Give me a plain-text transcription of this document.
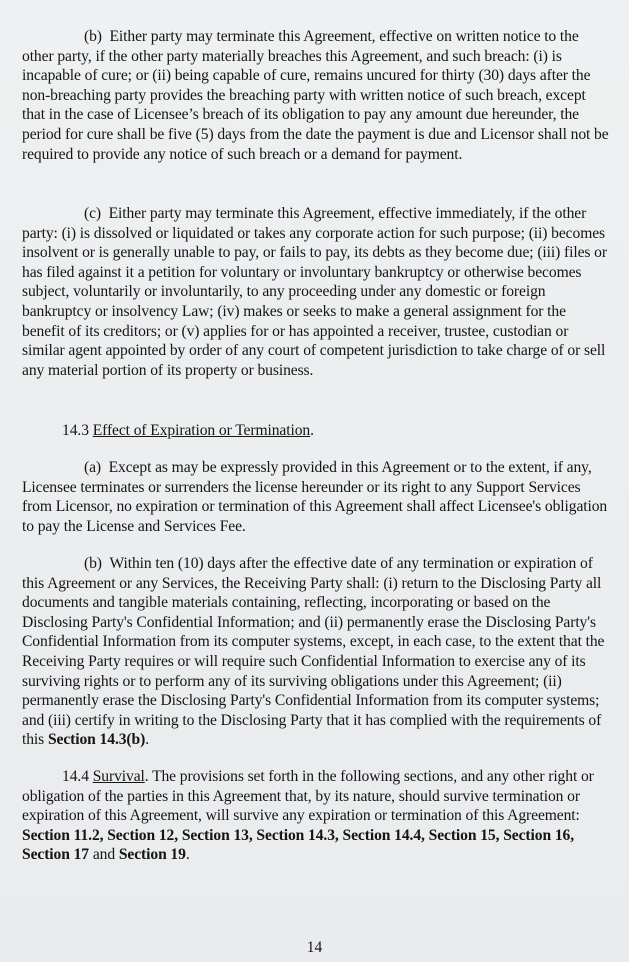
(b)  Either party may terminate this Agreement, effective on written notice to the other party, if the other party materially breaches this Agreement, and such breach: (i) is incapable of cure; or (ii) being capable of cure, remains uncured for thirty (30) days after the non-breaching party provides the breaching party with written notice of such breach, except that in the case of Licensee’s breach of its obligation to pay any amount due hereunder, the period for cure shall be five (5) days from the date the payment is due and Licensor shall not be required to provide any notice of such breach or a demand for payment.

(c)  Either party may terminate this Agreement, effective immediately, if the other party: (i) is dissolved or liquidated or takes any corporate action for such purpose; (ii) becomes insolvent or is generally unable to pay, or fails to pay, its debts as they become due; (iii) files or has filed against it a petition for voluntary or involuntary bankruptcy or otherwise becomes subject, voluntarily or involuntarily, to any proceeding under any domestic or foreign bankruptcy or insolvency Law; (iv) makes or seeks to make a general assignment for the benefit of its creditors; or (v) applies for or has appointed a receiver, trustee, custodian or similar agent appointed by order of any court of competent jurisdiction to take charge of or sell any material portion of its property or business.

14.3 Effect of Expiration or Termination.

(a)  Except as may be expressly provided in this Agreement or to the extent, if any, Licensee terminates or surrenders the license hereunder or its right to any Support Services from Licensor, no expiration or termination of this Agreement shall affect Licensee's obligation to pay the License and Services Fee.

(b)  Within ten (10) days after the effective date of any termination or expiration of this Agreement or any Services, the Receiving Party shall: (i) return to the Disclosing Party all documents and tangible materials containing, reflecting, incorporating or based on the Disclosing Party's Confidential Information; and (ii) permanently erase the Disclosing Party's Confidential Information from its computer systems, except, in each case, to the extent that the Receiving Party requires or will require such Confidential Information to exercise any of its surviving rights or to perform any of its surviving obligations under this Agreement; (ii) permanently erase the Disclosing Party's Confidential Information from its computer systems; and (iii) certify in writing to the Disclosing Party that it has complied with the requirements of this Section 14.3(b).

14.4 Survival. The provisions set forth in the following sections, and any other right or obligation of the parties in this Agreement that, by its nature, should survive termination or expiration of this Agreement, will survive any expiration or termination of this Agreement: Section 11.2, Section 12, Section 13, Section 14.3, Section 14.4, Section 15, Section 16, Section 17 and Section 19.

14
